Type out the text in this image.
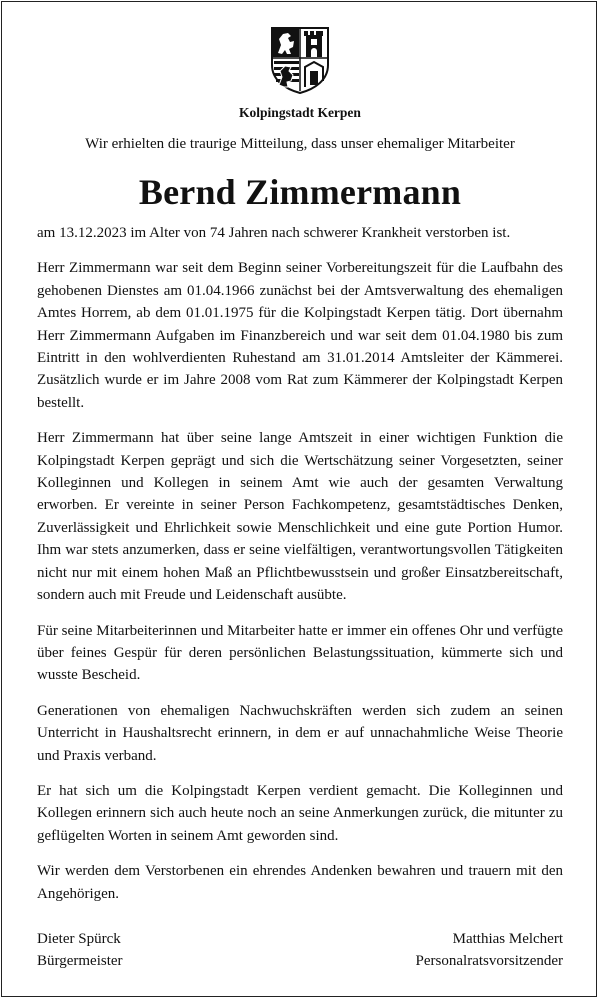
Kolpingstadt Kerpen
Wir erhielten die traurige Mitteilung, dass unser ehemaliger Mitarbeiter
Bernd Zimmermann

am 13.12.2023 im Alter von 74 Jahren nach schwerer Krankheit verstorben ist.

Herr Zimmermann war seit dem Beginn seiner Vorbereitungszeit für die Laufbahn des gehobenen Dienstes am 01.04.1966 zunächst bei der Amtsverwaltung des ehemaligen Amtes Horrem, ab dem 01.01.1975 für die Kolpingstadt Kerpen tätig. Dort übernahm Herr Zimmermann Aufgaben im Finanzbereich und war seit dem 01.04.1980 bis zum Eintritt in den wohlverdienten Ruhestand am 31.01.2014 Amtsleiter der Kämmerei. Zusätzlich wurde er im Jahre 2008 vom Rat zum Kämmerer der Kolpingstadt Kerpen bestellt.

Herr Zimmermann hat über seine lange Amtszeit in einer wichtigen Funktion die Kolpingstadt Kerpen geprägt und sich die Wertschätzung seiner Vorgesetzten, seiner Kolleginnen und Kollegen in seinem Amt wie auch der gesamten Verwaltung erworben. Er vereinte in seiner Person Fachkompetenz, gesamtstädtisches Denken, Zuverlässigkeit und Ehrlichkeit sowie Menschlichkeit und eine gute Portion Humor. Ihm war stets anzumerken, dass er seine vielfältigen, verantwortungsvollen Tätigkeiten nicht nur mit einem hohen Maß an Pflichtbewusstsein und großer Einsatzbereitschaft, sondern auch mit Freude und Leidenschaft ausübte.

Für seine Mitarbeiterinnen und Mitarbeiter hatte er immer ein offenes Ohr und verfügte über feines Gespür für deren persönlichen Belastungssituation, kümmerte sich und wusste Bescheid.

Generationen von ehemaligen Nachwuchskräften werden sich zudem an seinen Unterricht in Haushaltsrecht erinnern, in dem er auf unnachahmliche Weise Theorie und Praxis verband.

Er hat sich um die Kolpingstadt Kerpen verdient gemacht. Die Kolleginnen und Kollegen erinnern sich auch heute noch an seine Anmerkungen zurück, die mitunter zu geflügelten Worten in seinem Amt geworden sind.

Wir werden dem Verstorbenen ein ehrendes Andenken bewahren und trauern mit den Angehörigen.

Dieter Spürck
Bürgermeister
Matthias Melchert
Personalratsvorsitzender
